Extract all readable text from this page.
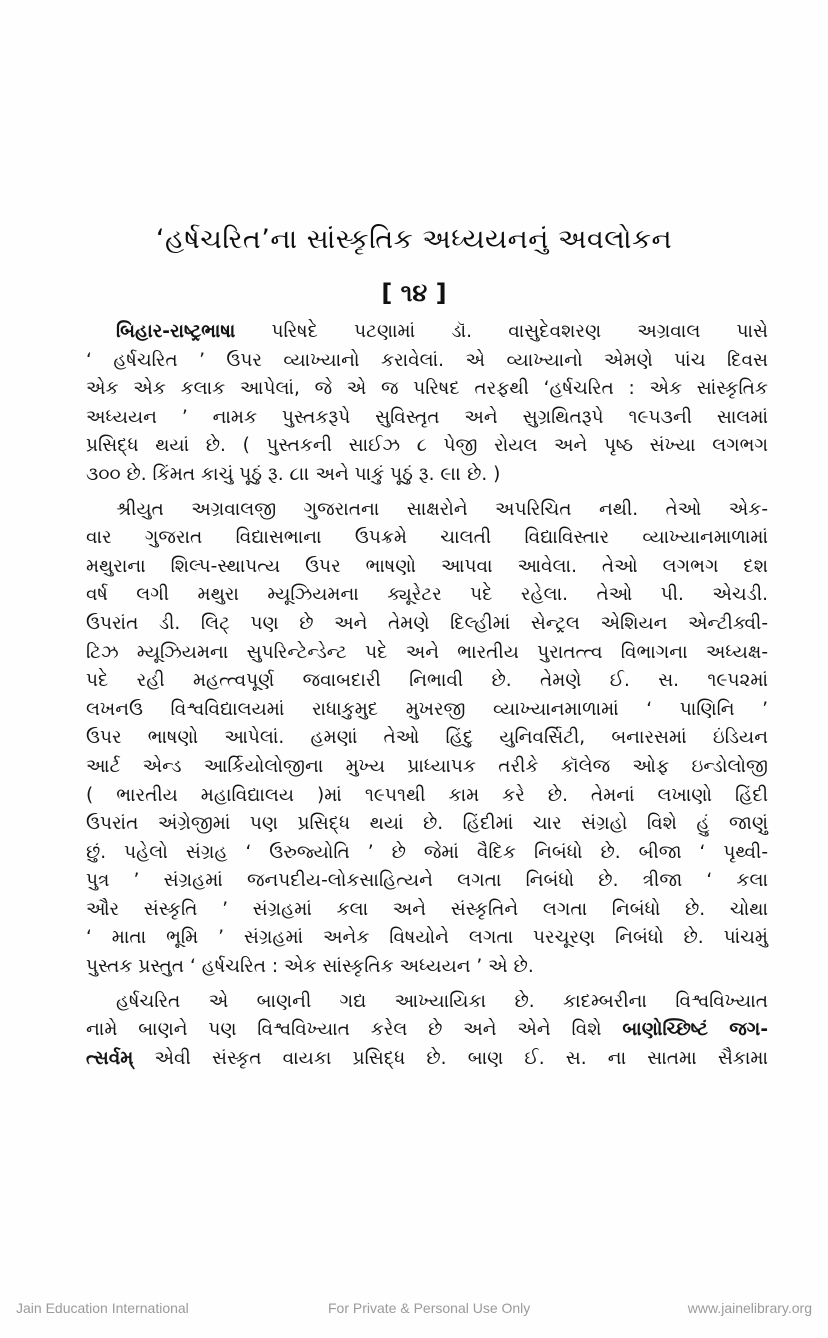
‘હર્ષચરિત’ના સાંસ્કૃતિક અધ્યયનનું અવલોકન
[ ૧૪ ]
બિહાર-રાષ્ટ્રભાષા પરિષદે પટણામાં ડૉ. વાસુદેવશરણ અગ્રવાલ પાસે
‘ હર્ષચરિત ’ ઉપર વ્યાખ્યાનો કરાવેલાં. એ વ્યાખ્યાનો એમણે પાંચ દિવસ
એક એક કલાક આપેલાં, જે એ જ પરિષદ તરફથી ‘હર્ષચરિત : એક સાંસ્કૃતિક
અધ્યયન ’ નામક પુસ્તકરૂપે સુવિસ્તૃત અને સુગ્રથિતરૂપે ૧૯૫૩ની સાલમાં
પ્રસિદ્ધ થયાં છે. ( પુસ્તકની સાઈઝ ૮ પેજી રોયલ અને પૃષ્ઠ સંખ્યા લગભગ
૩૦૦ છે. કિંમત કાચું પૂઠું રૂ. ૮।। અને પાકું પૂઠું રૂ. ૯।। છે. )
શ્રીયુત અગ્રવાલજી ગુજરાતના સાક્ષરોને અપરિચિત નથી. તેઓ એક-
વાર ગુજરાત વિદ્યાસભાના ઉપક્રમે ચાલતી વિદ્યાવિસ્તાર વ્યાખ્યાનમાળામાં
મથુરાના શિલ્પ-સ્થાપત્ય ઉપર ભાષણો આપવા આવેલા. તેઓ લગભગ દશ
વર્ષ લગી મથુરા મ્યૂઝિયમના ક્યૂરેટર પદે રહેલા. તેઓ પી. એચડી.
ઉપરાંત ડી. લિટ્ પણ છે અને તેમણે દિલ્હીમાં સેન્ટ્રલ એશિયન એન્ટીક્વી-
ટિઝ મ્યૂઝિયમના સુપરિન્ટેન્ડેન્ટ પદે અને ભારતીય પુરાતત્ત્વ વિભાગના અધ્યક્ષ-
પદે રહી મહત્ત્વપૂર્ણ જવાબદારી નિભાવી છે. તેમણે ઈ. સ. ૧૯૫૨માં
લખનઉ વિશ્વવિદ્યાલયમાં રાધાકુમુદ મુખરજી વ્યાખ્યાનમાળામાં ‘ પાણિનિ ’
ઉપર ભાષણો આપેલાં. હમણાં તેઓ હિંદુ યુનિવર્સિટી, બનારસમાં ઇંડિયન
આર્ટ એન્ડ આર્કિયોલોજીના મુખ્ય પ્રાધ્યાપક તરીકે કૉલેજ ઓફ ઇન્ડોલોજી
( ભારતીય મહાવિદ્યાલય )માં ૧૯૫૧થી કામ કરે છે. તેમનાં લખાણો હિંદી
ઉપરાંત અંગ્રેજીમાં પણ પ્રસિદ્ધ થયાં છે. હિંદીમાં ચાર સંગ્રહો વિશે હું જાણું
છું. પહેલો સંગ્રહ ‘ ઉરુજ્યોતિ ’ છે જેમાં વૈદિક નિબંધો છે. બીજા ‘ પૃથ્વી-
પુત્ર ’ સંગ્રહમાં જનપદીય-લોકસાહિત્યને લગતા નિબંધો છે. ત્રીજા ‘ કલા
ઔર સંસ્કૃતિ ’ સંગ્રહમાં કલા અને સંસ્કૃતિને લગતા નિબંધો છે. ચોથા
‘ માતા ભૂમિ ’ સંગ્રહમાં અનેક વિષયોને લગતા પરચૂરણ નિબંધો છે. પાંચમું
પુસ્તક પ્રસ્તુત ‘ હર્ષચરિત : એક સાંસ્કૃતિક અધ્યયન ’ એ છે.
હર્ષચરિત એ બાણની ગદ્ય આખ્યાયિકા છે. કાદમ્બરીના વિશ્વવિખ્યાત
નામે બાણને પણ વિશ્વવિખ્યાત કરેલ છે અને એને વિશે બાણોચ્છિષ્ટં જગ-
ત્સર્વમ્ એવી સંસ્કૃત વાયકા પ્રસિદ્ધ છે. બાણ ઈ. સ. ના સાતમા સૈકામા
Jain Education International	For Private & Personal Use Only	www.jainelibrary.org
